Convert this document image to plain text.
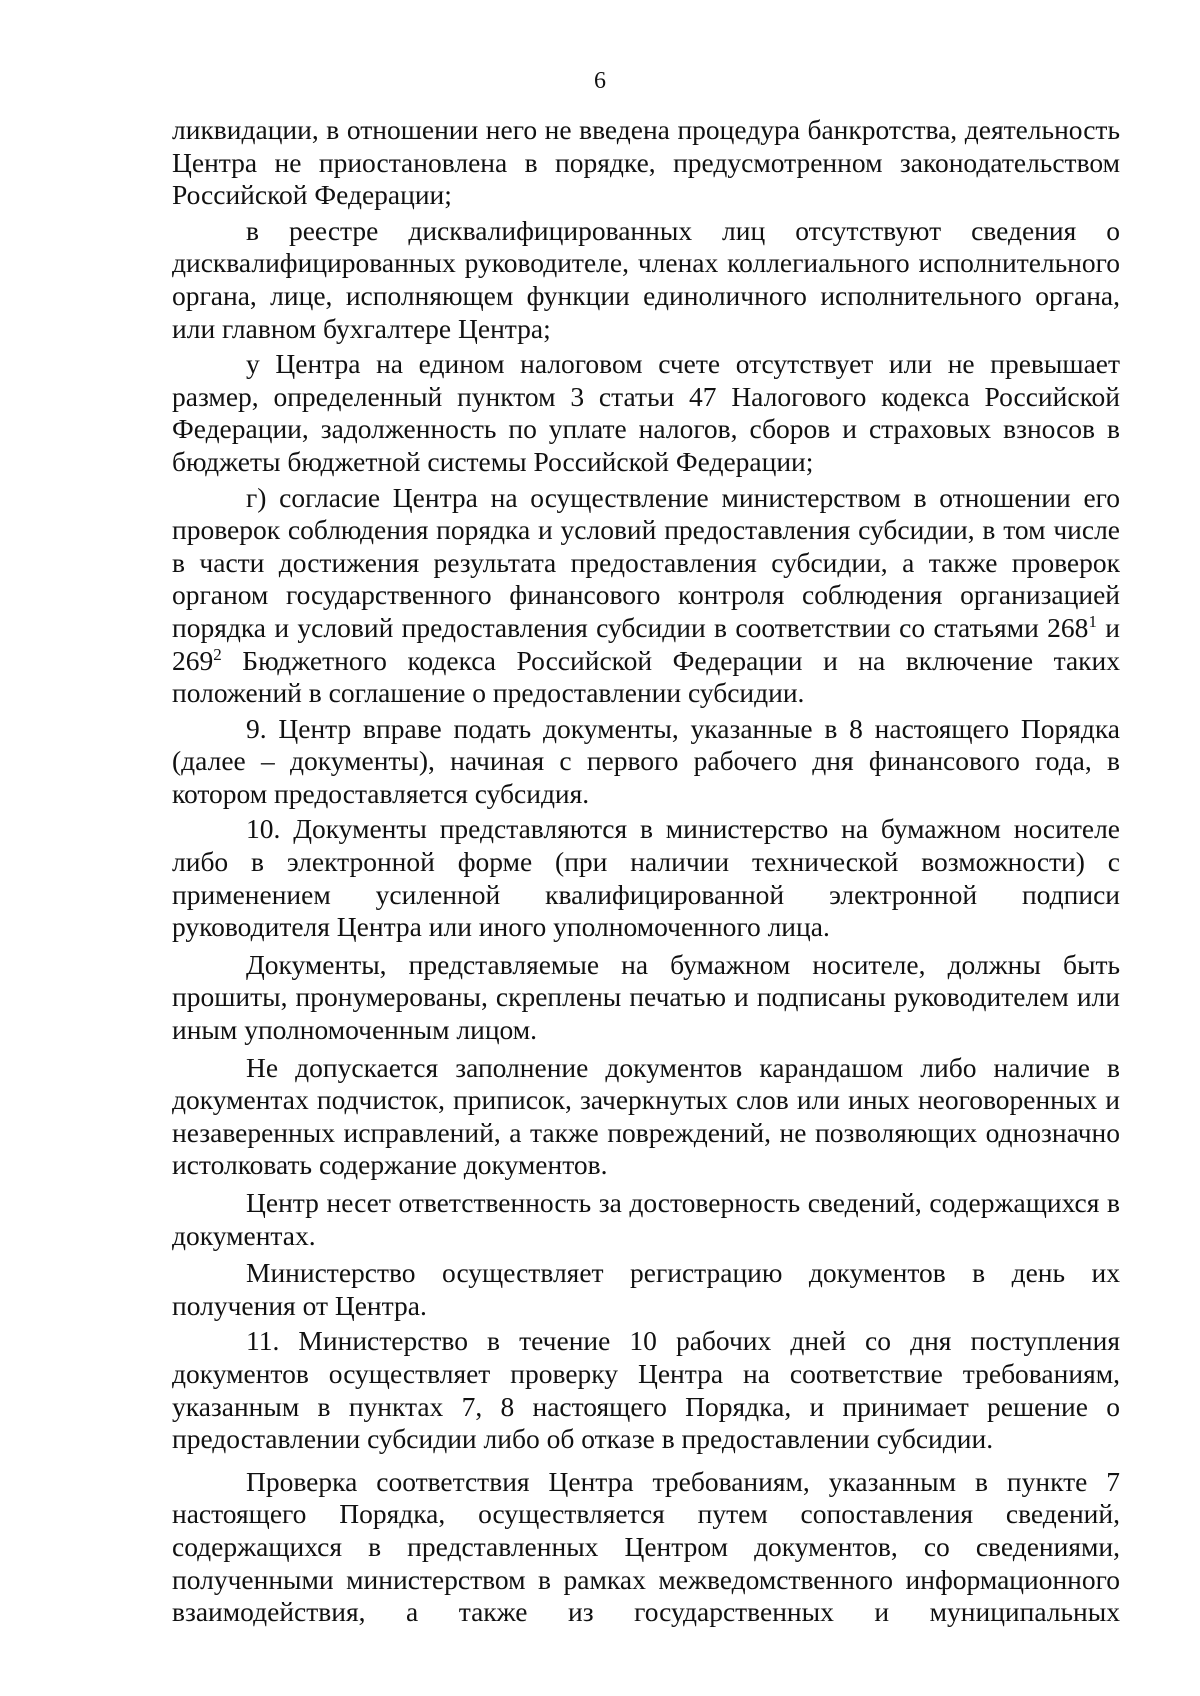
6

ликвидации, в отношении него не введена процедура банкротства, деятельность Центра не приостановлена в порядке, предусмотренном законодательством Российской Федерации;

в реестре дисквалифицированных лиц отсутствуют сведения о дисквалифицированных руководителе, членах коллегиального исполнительного органа, лице, исполняющем функции единоличного исполнительного органа, или главном бухгалтере Центра;

у Центра на едином налоговом счете отсутствует или не превышает размер, определенный пунктом 3 статьи 47 Налогового кодекса Российской Федерации, задолженность по уплате налогов, сборов и страховых взносов в бюджеты бюджетной системы Российской Федерации;

г) согласие Центра на осуществление министерством в отношении его проверок соблюдения порядка и условий предоставления субсидии, в том числе в части достижения результата предоставления субсидии, а также проверок органом государственного финансового контроля соблюдения организацией порядка и условий предоставления субсидии в соответствии со статьями $268^1$ и $269^2$ Бюджетного кодекса Российской Федерации и на включение таких положений в соглашение о предоставлении субсидии.

9. Центр вправе подать документы, указанные в 8 настоящего Порядка (далее – документы), начиная с первого рабочего дня финансового года, в котором предоставляется субсидия.

10. Документы представляются в министерство на бумажном носителе либо в электронной форме (при наличии технической возможности) с применением усиленной квалифицированной электронной подписи руководителя Центра или иного уполномоченного лица.

Документы, представляемые на бумажном носителе, должны быть прошиты, пронумерованы, скреплены печатью и подписаны руководителем или иным уполномоченным лицом.

Не допускается заполнение документов карандашом либо наличие в документах подчисток, приписок, зачеркнутых слов или иных неоговоренных и незаверенных исправлений, а также повреждений, не позволяющих однозначно истолковать содержание документов.

Центр несет ответственность за достоверность сведений, содержащихся в документах.

Министерство осуществляет регистрацию документов в день их получения от Центра.

11. Министерство в течение 10 рабочих дней со дня поступления документов осуществляет проверку Центра на соответствие требованиям, указанным в пунктах 7, 8 настоящего Порядка, и принимает решение о предоставлении субсидии либо об отказе в предоставлении субсидии.

Проверка соответствия Центра требованиям, указанным в пункте 7 настоящего Порядка, осуществляется путем сопоставления сведений, содержащихся в представленных Центром документов, со сведениями, полученными министерством в рамках межведомственного информационного взаимодействия, а также из государственных и муниципальных
